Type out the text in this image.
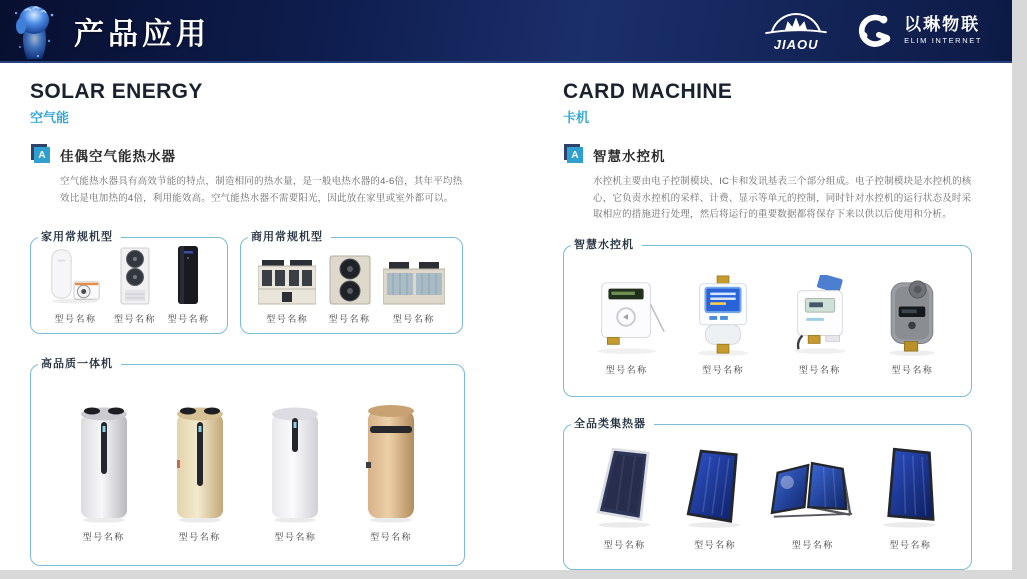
产品应用	JIAOU
以琳物联
ELIM INTERNET
SOLAR ENERGY
空气能
A	佳偶空气能热水器
空气能热水器具有高效节能的特点，制造相同的热水量，是一般电热水器的4-6倍，其年平均热效比是电加热的4倍，利用能效高。空气能热水器不需要阳光，因此放在家里或室外都可以。
家用常规机型
型号名称 型号名称 型号名称
商用常规机型
型号名称 型号名称 型号名称
高品质一体机
型号名称	型号名称	型号名称	型号名称
CARD MACHINE
卡机
A	智慧水控机
水控机主要由电子控制模块、IC卡和发讯基表三个部分组成。电子控制模块是水控机的核心，它负责水控机的采样、计费、显示等单元的控制，同时针对水控机的运行状态及时采取相应的措施进行处理，然后将运行的重要数据都将保存下来以供以后使用和分析。
智慧水控机
型号名称	型号名称	型号名称	型号名称
全品类集热器
型号名称	型号名称	型号名称	型号名称
